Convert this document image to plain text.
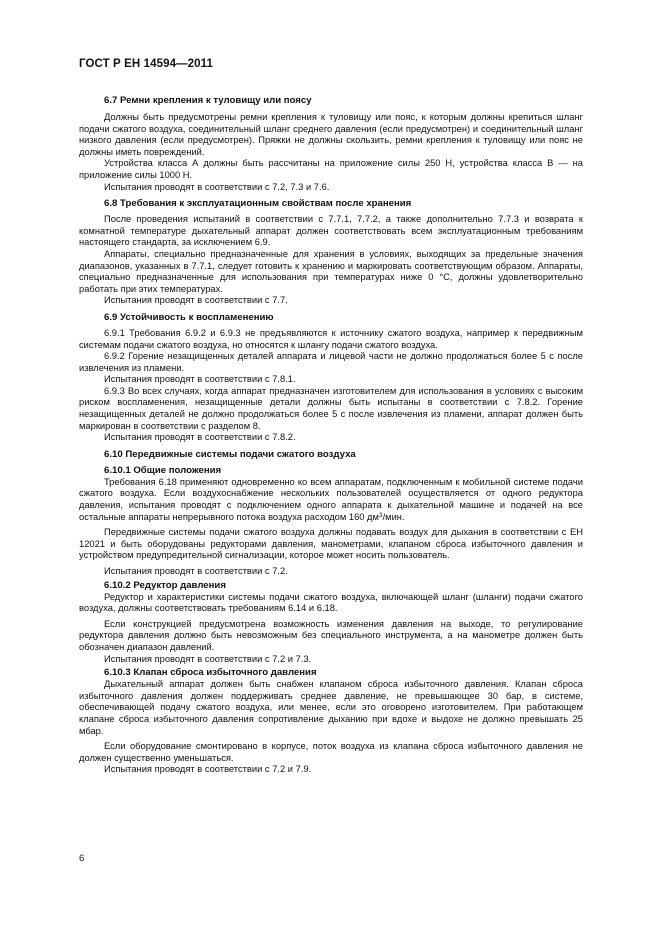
ГОСТ Р ЕН 14594—2011
6.7 Ремни крепления к туловищу или поясу

Должны быть предусмотрены ремни крепления к туловищу или пояс, к которым должны крепиться шланг подачи сжатого воздуха, соединительный шланг среднего давления (если предусмотрен) и соединительный шланг низкого давления (если предусмотрен). Пряжки не должны скользить, ремни крепления к туловищу или пояс не должны иметь повреждений.

Устройства класса А должны быть рассчитаны на приложение силы 250 Н, устройства класса В — на приложение силы 1000 Н.

Испытания проводят в соответствии с 7.2, 7.3 и 7.6.

6.8 Требования к эксплуатационным свойствам после хранения

После проведения испытаний в соответствии с 7.7.1, 7.7.2, а также дополнительно 7.7.3 и возврата к комнатной температуре дыхательный аппарат должен соответствовать всем эксплуатационным требованиям настоящего стандарта, за исключением 6.9.

Аппараты, специально предназначенные для хранения в условиях, выходящих за предельные значения диапазонов, указанных в 7.7.1, следует готовить к хранению и маркировать соответствующим образом. Аппараты, специально предназначенные для использования при температурах ниже 0 °С, должны удовлетворительно работать при этих температурах.

Испытания проводят в соответствии с 7.7.

6.9 Устойчивость к воспламенению

6.9.1 Требования 6.9.2 и 6.9.3 не предъявляются к источнику сжатого воздуха, например к передвижным системам подачи сжатого воздуха, но относятся к шлангу подачи сжатого воздуха.

6.9.2 Горение незащищенных деталей аппарата и лицевой части не должно продолжаться более 5 с после извлечения из пламени.

Испытания проводят в соответствии с 7.8.1.

6.9.3 Во всех случаях, когда аппарат предназначен изготовителем для использования в условиях с высоким риском воспламенения, незащищенные детали должны быть испытаны в соответствии с 7.8.2. Горение незащищенных деталей не должно продолжаться более 5 с после извлечения из пламени, аппарат должен быть маркирован в соответствии с разделом 8.

Испытания проводят в соответствии с 7.8.2.

6.10 Передвижные системы подачи сжатого воздуха
6.10.1 Общие положения

Требования 6.18 применяют одновременно ко всем аппаратам, подключенным к мобильной системе подачи сжатого воздуха. Если воздухоснабжение нескольких пользователей осуществляется от одного редуктора давления, испытания проводят с подключением одного аппарата к дыхательной машине и подачей на все остальные аппараты непрерывного потока воздуха расходом 160 $дм^3$/мин.

Передвижные системы подачи сжатого воздуха должны подавать воздух для дыхания в соответствии с ЕН 12021 и быть оборудованы редукторами давления, манометрами, клапаном сброса избыточного давления и устройством предупредительной сигнализации, которое может носить пользователь.

Испытания проводят в соответствии с 7.2.

6.10.2 Редуктор давления

Редуктор и характеристики системы подачи сжатого воздуха, включающей шланг (шланги) подачи сжатого воздуха, должны соответствовать требованиям 6.14 и 6.18.

Если конструкцией предусмотрена возможность изменения давления на выходе, то регулирование редуктора давления должно быть невозможным без специального инструмента, а на манометре должен быть обозначен диапазон давлений.

Испытания проводят в соответствии с 7.2 и 7.3.

6.10.3 Клапан сброса избыточного давления

Дыхательный аппарат должен быть снабжен клапаном сброса избыточного давления. Клапан сброса избыточного давления должен поддерживать среднее давление, не превышающее 30 бар, в системе, обеспечивающей подачу сжатого воздуха, или менее, если это оговорено изготовителем. При работающем клапане сброса избыточного давления сопротивление дыханию при вдохе и выдохе не должно превышать 25 мбар.

Если оборудование смонтировано в корпусе, поток воздуха из клапана сброса избыточного давления не должен существенно уменьшаться.

Испытания проводят в соответствии с 7.2 и 7.9.

6
